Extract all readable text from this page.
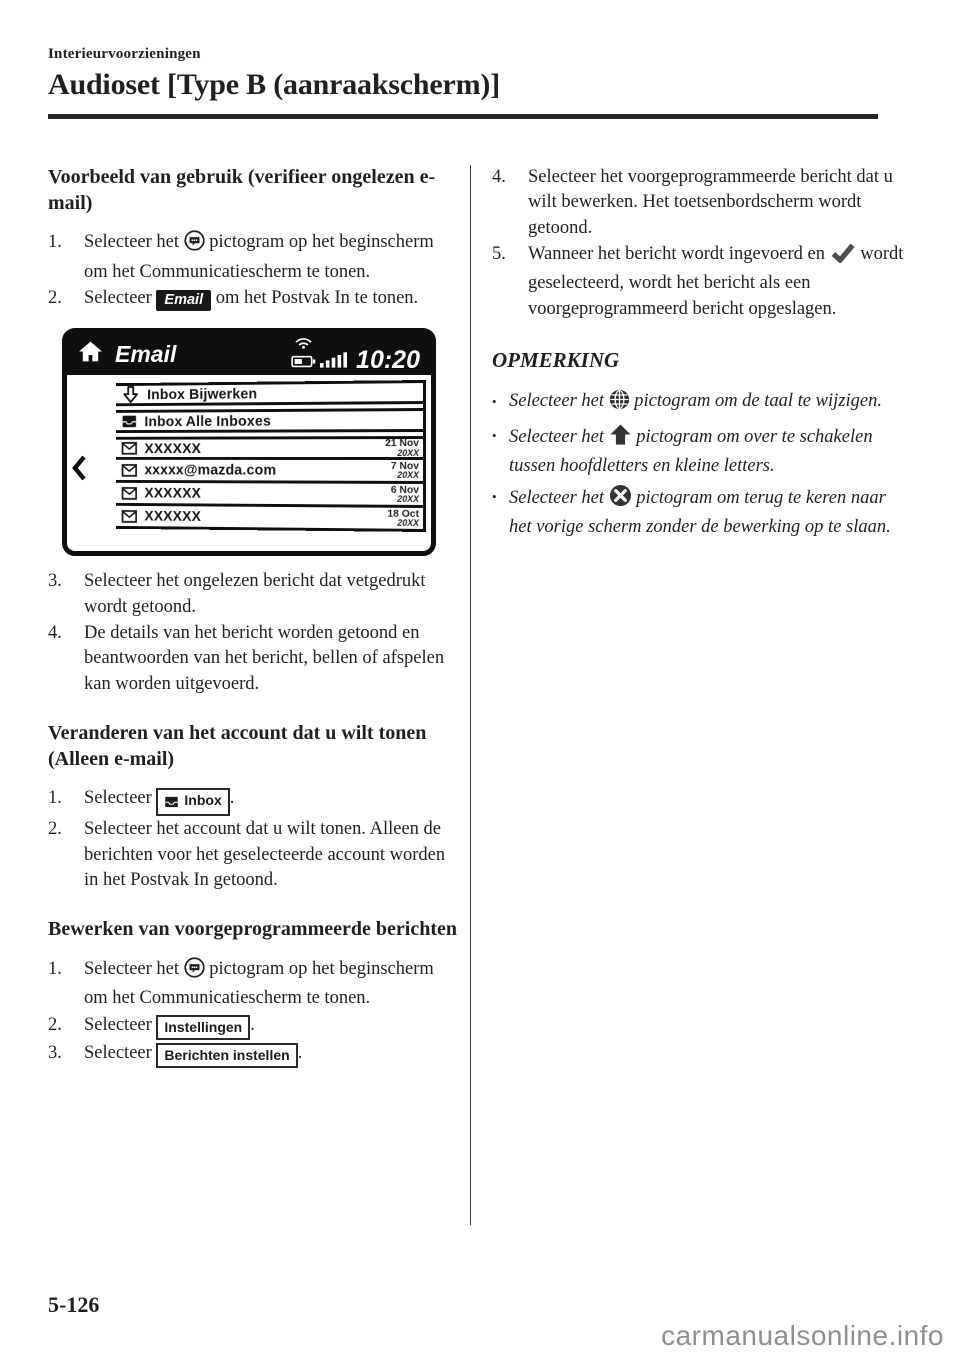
Interieurvoorzieningen
Audioset [Type B (aanraakscherm)]
Voorbeeld van gebruik (verifieer ongelezen e-mail)
1.	Selecteer het  pictogram op het beginscherm om het Communicatiescherm te tonen.
2.	Selecteer Email om het Postvak In te tonen.
Email	10:20
Inbox Bijwerken
Inbox Alle Inboxes
XXXXXX	21 Nov
20XX
xxxxx@mazda.com	7 Nov
20XX
XXXXXX	6 Nov
20XX
XXXXXX	18 Oct
20XX
3.	Selecteer het ongelezen bericht dat vetgedrukt wordt getoond.
4.	De details van het bericht worden getoond en beantwoorden van het bericht, bellen of afspelen kan worden uitgevoerd.
Veranderen van het account dat u wilt tonen (Alleen e-mail)
1.	Selecteer Inbox .
2.	Selecteer het account dat u wilt tonen. Alleen de berichten voor het geselecteerde account worden in het Postvak In getoond.
Bewerken van voorgeprogrammeerde berichten
1.	Selecteer het  pictogram op het beginscherm om het Communicatiescherm te tonen.
2.	Selecteer Instellingen .
3.	Selecteer Berichten instellen .
4.	Selecteer het voorgeprogrammeerde bericht dat u wilt bewerken. Het toetsenbordscherm wordt getoond.
5.	Wanneer het bericht wordt ingevoerd en  wordt geselecteerd, wordt het bericht als een voorgeprogrammeerd bericht opgeslagen.
OPMERKING
• Selecteer het  pictogram om de taal te wijzigen.
• Selecteer het  pictogram om over te schakelen tussen hoofdletters en kleine letters.
• Selecteer het  pictogram om terug te keren naar het vorige scherm zonder de bewerking op te slaan.
5-126
carmanualsonline.info
